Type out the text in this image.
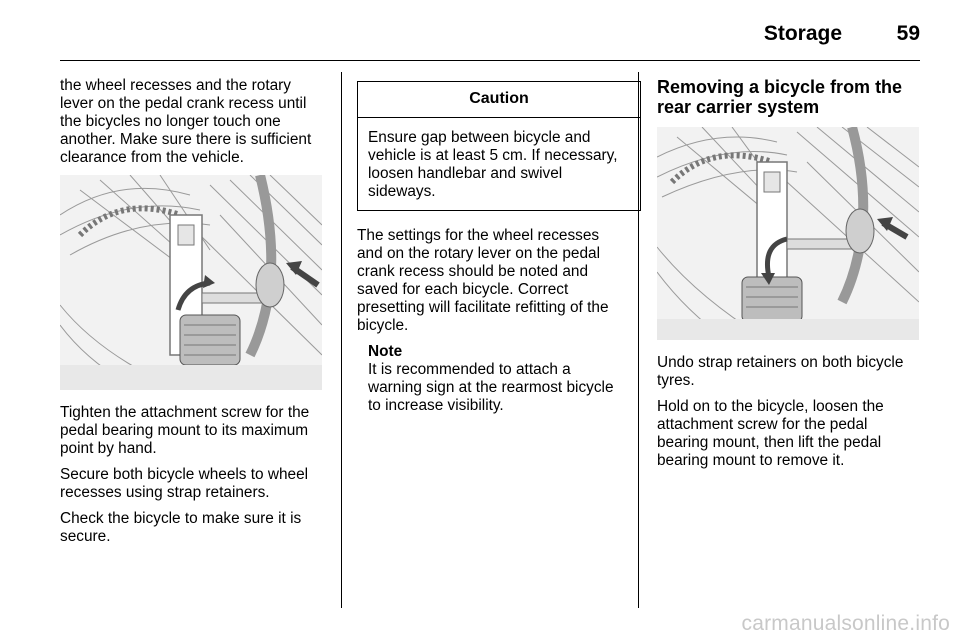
Storage	59

the wheel recesses and the rotary lever on the pedal crank recess until the bicycles no longer touch one another. Make sure there is sufficient clearance from the vehicle.

Tighten the attachment screw for the pedal bearing mount to its maximum point by hand.

Secure both bicycle wheels to wheel recesses using strap retainers.

Check the bicycle to make sure it is secure.

Caution
Ensure gap between bicycle and vehicle is at least 5 cm. If necessary, loosen handlebar and swivel sideways.

The settings for the wheel recesses and on the rotary lever on the pedal crank recess should be noted and saved for each bicycle. Correct presetting will facilitate refitting of the bicycle.

Note
It is recommended to attach a warning sign at the rearmost bicycle to increase visibility.
Removing a bicycle from the rear carrier system

Undo strap retainers on both bicycle tyres.

Hold on to the bicycle, loosen the attachment screw for the pedal bearing mount, then lift the pedal bearing mount to remove it.

carmanualsonline.info
